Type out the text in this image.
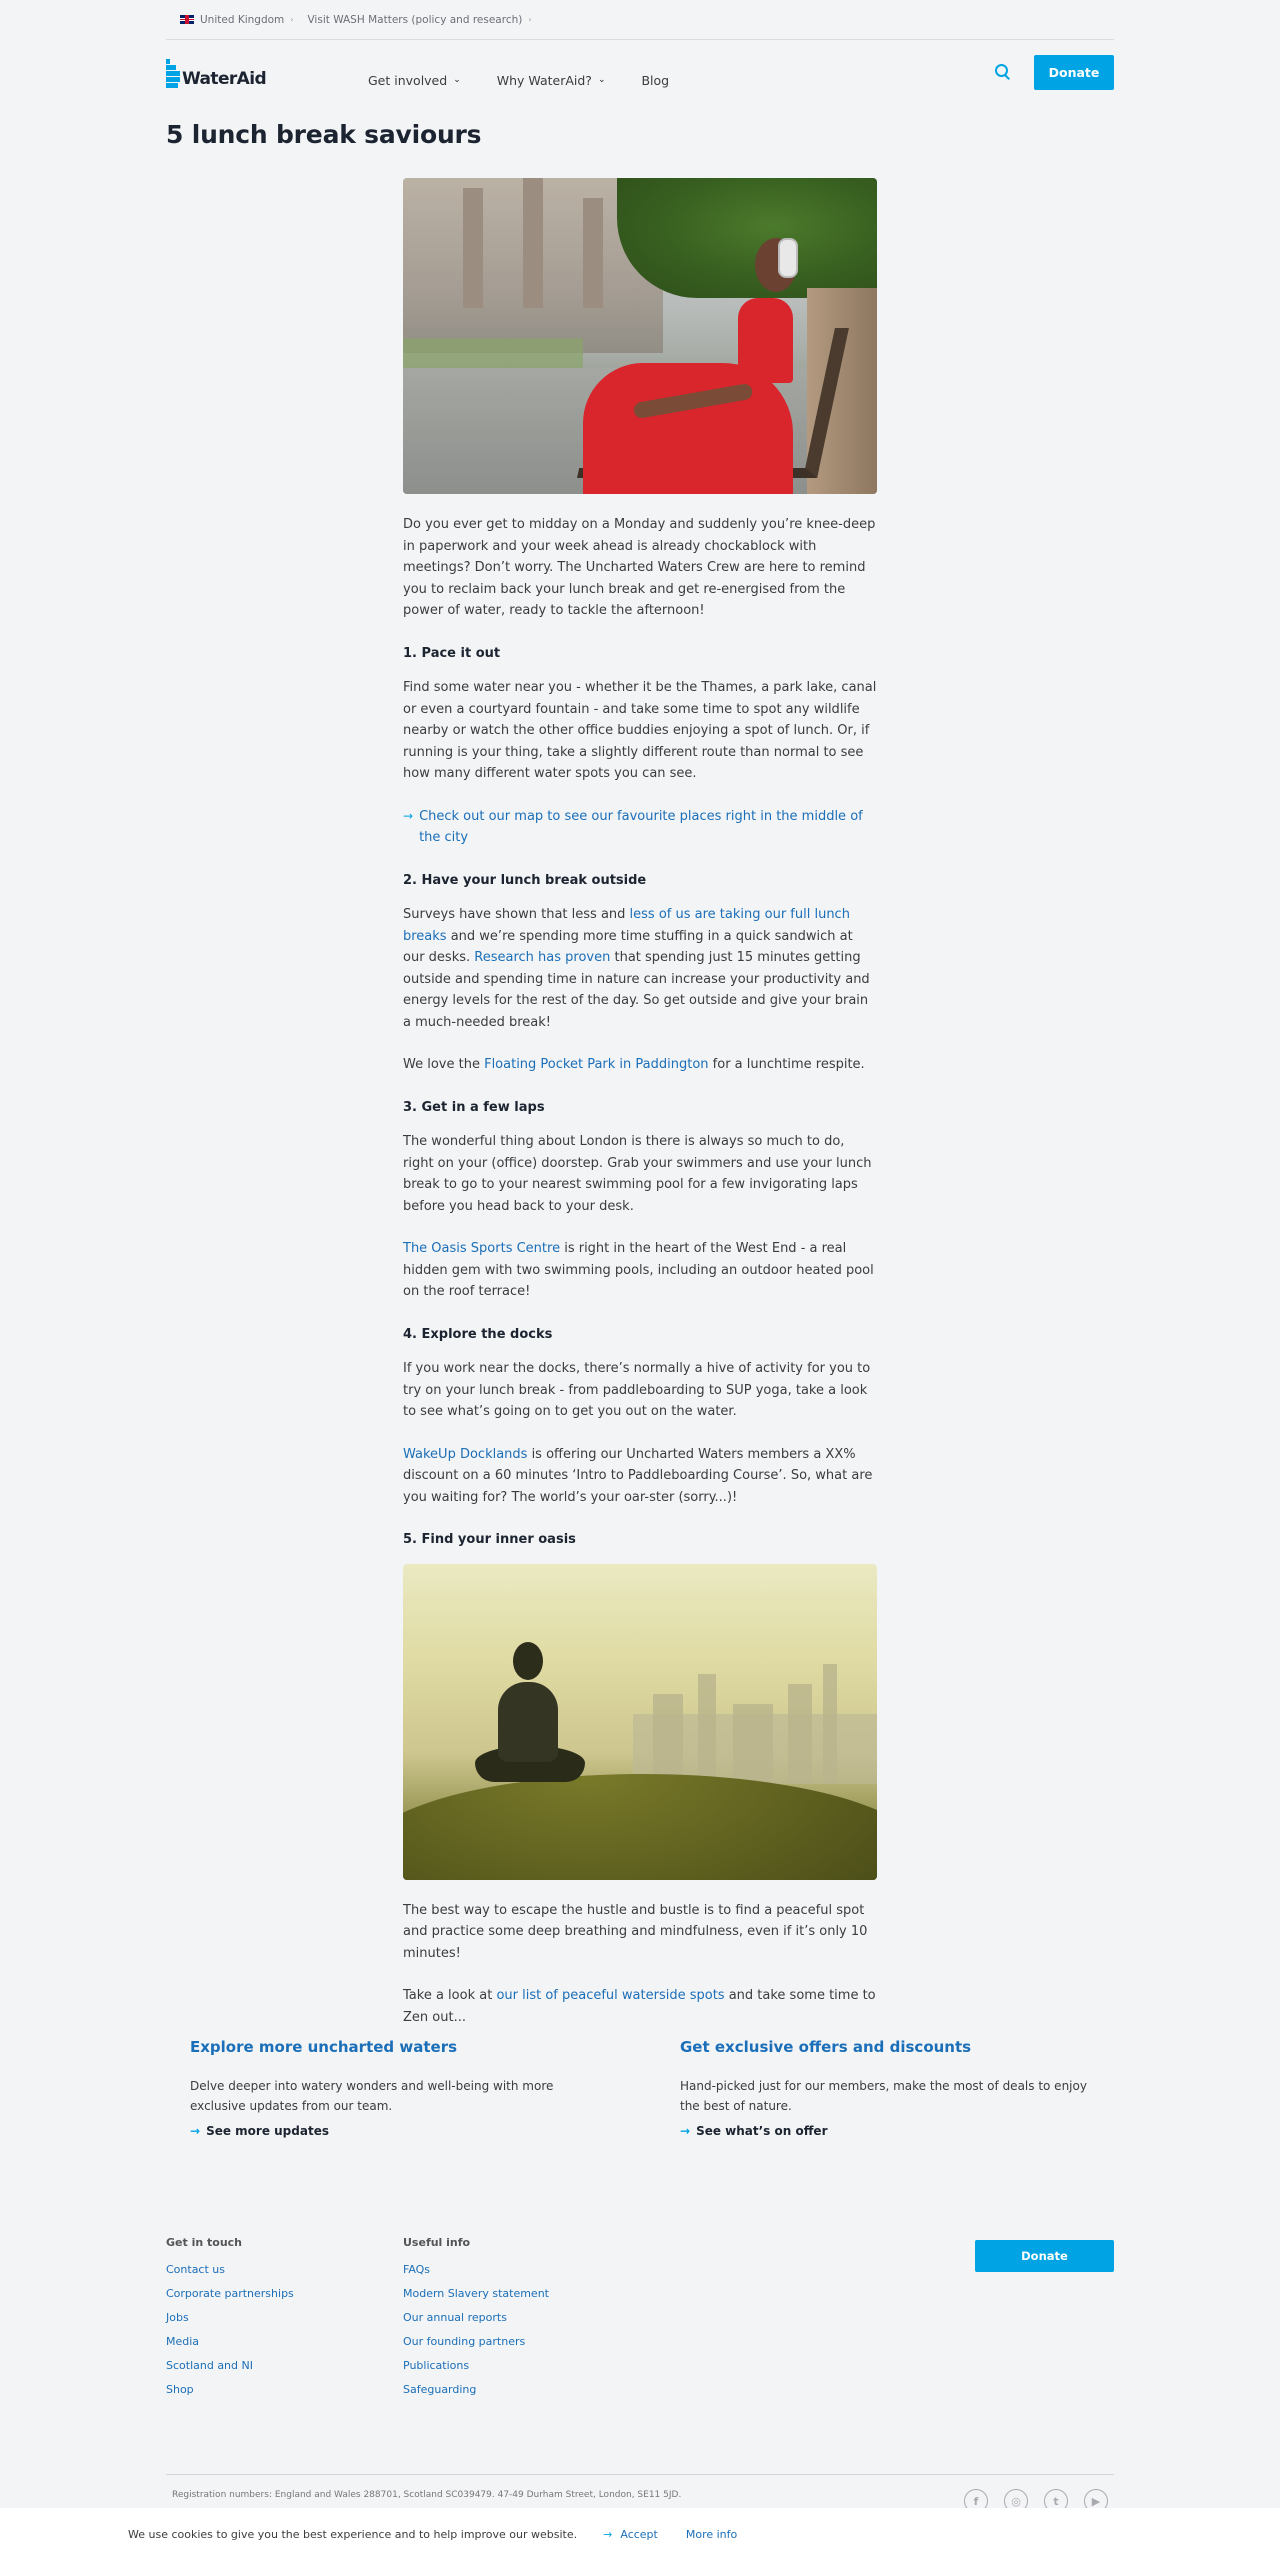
United Kingdom › Visit WASH Matters (policy and research) ›
WaterAid	Get involved ⌄	Why WaterAid? ⌄	Blog
Donate
5 lunch break saviours

Do you ever get to midday on a Monday and suddenly you’re knee-deep in paperwork and your week ahead is already chockablock with meetings? Don’t worry. The Uncharted Waters Crew are here to remind you to reclaim back your lunch break and get re-energised from the power of water, ready to tackle the afternoon!

1. Pace it out

Find some water near you - whether it be the Thames, a park lake, canal or even a courtyard fountain - and take some time to spot any wildlife nearby or watch the other office buddies enjoying a spot of lunch. Or, if running is your thing, take a slightly different route than normal to see how many different water spots you can see.

→ Check out our map to see our favourite places right in the middle of the city
2. Have your lunch break outside

Surveys have shown that less and less of us are taking our full lunch breaks and we’re spending more time stuffing in a quick sandwich at our desks. Research has proven that spending just 15 minutes getting outside and spending time in nature can increase your productivity and energy levels for the rest of the day. So get outside and give your brain a much-needed break!

We love the Floating Pocket Park in Paddington for a lunchtime respite.

3. Get in a few laps

The wonderful thing about London is there is always so much to do, right on your (office) doorstep. Grab your swimmers and use your lunch break to go to your nearest swimming pool for a few invigorating laps before you head back to your desk.

The Oasis Sports Centre is right in the heart of the West End - a real hidden gem with two swimming pools, including an outdoor heated pool on the roof terrace!

4. Explore the docks

If you work near the docks, there’s normally a hive of activity for you to try on your lunch break - from paddleboarding to SUP yoga, take a look to see what’s going on to get you out on the water.

WakeUp Docklands is offering our Uncharted Waters members a XX% discount on a 60 minutes ‘Intro to Paddleboarding Course’. So, what are you waiting for? The world’s your oar-ster (sorry...)!

5. Find your inner oasis

The best way to escape the hustle and bustle is to find a peaceful spot and practice some deep breathing and mindfulness, even if it’s only 10 minutes!

Take a look at our list of peaceful waterside spots and take some time to Zen out...

Explore more uncharted waters

Delve deeper into watery wonders and well-being with more exclusive updates from our team.

→ See more updates
Get exclusive offers and discounts

Hand-picked just for our members, make the most of deals to enjoy the best of nature.

→ See what’s on offer
Get in touch
Contact us
Corporate partnerships
Jobs
Media
Scotland and NI
Shop
Useful info
FAQs
Modern Slavery statement
Our annual reports
Our founding partners
Publications
Safeguarding
Donate
Registration numbers: England and Wales 288701, Scotland SC039479. 47-49 Durham Street, London, SE11 5JD.	f	◎	t	▶
We use cookies to give you the best experience and to help improve our website. → Accept	More info
